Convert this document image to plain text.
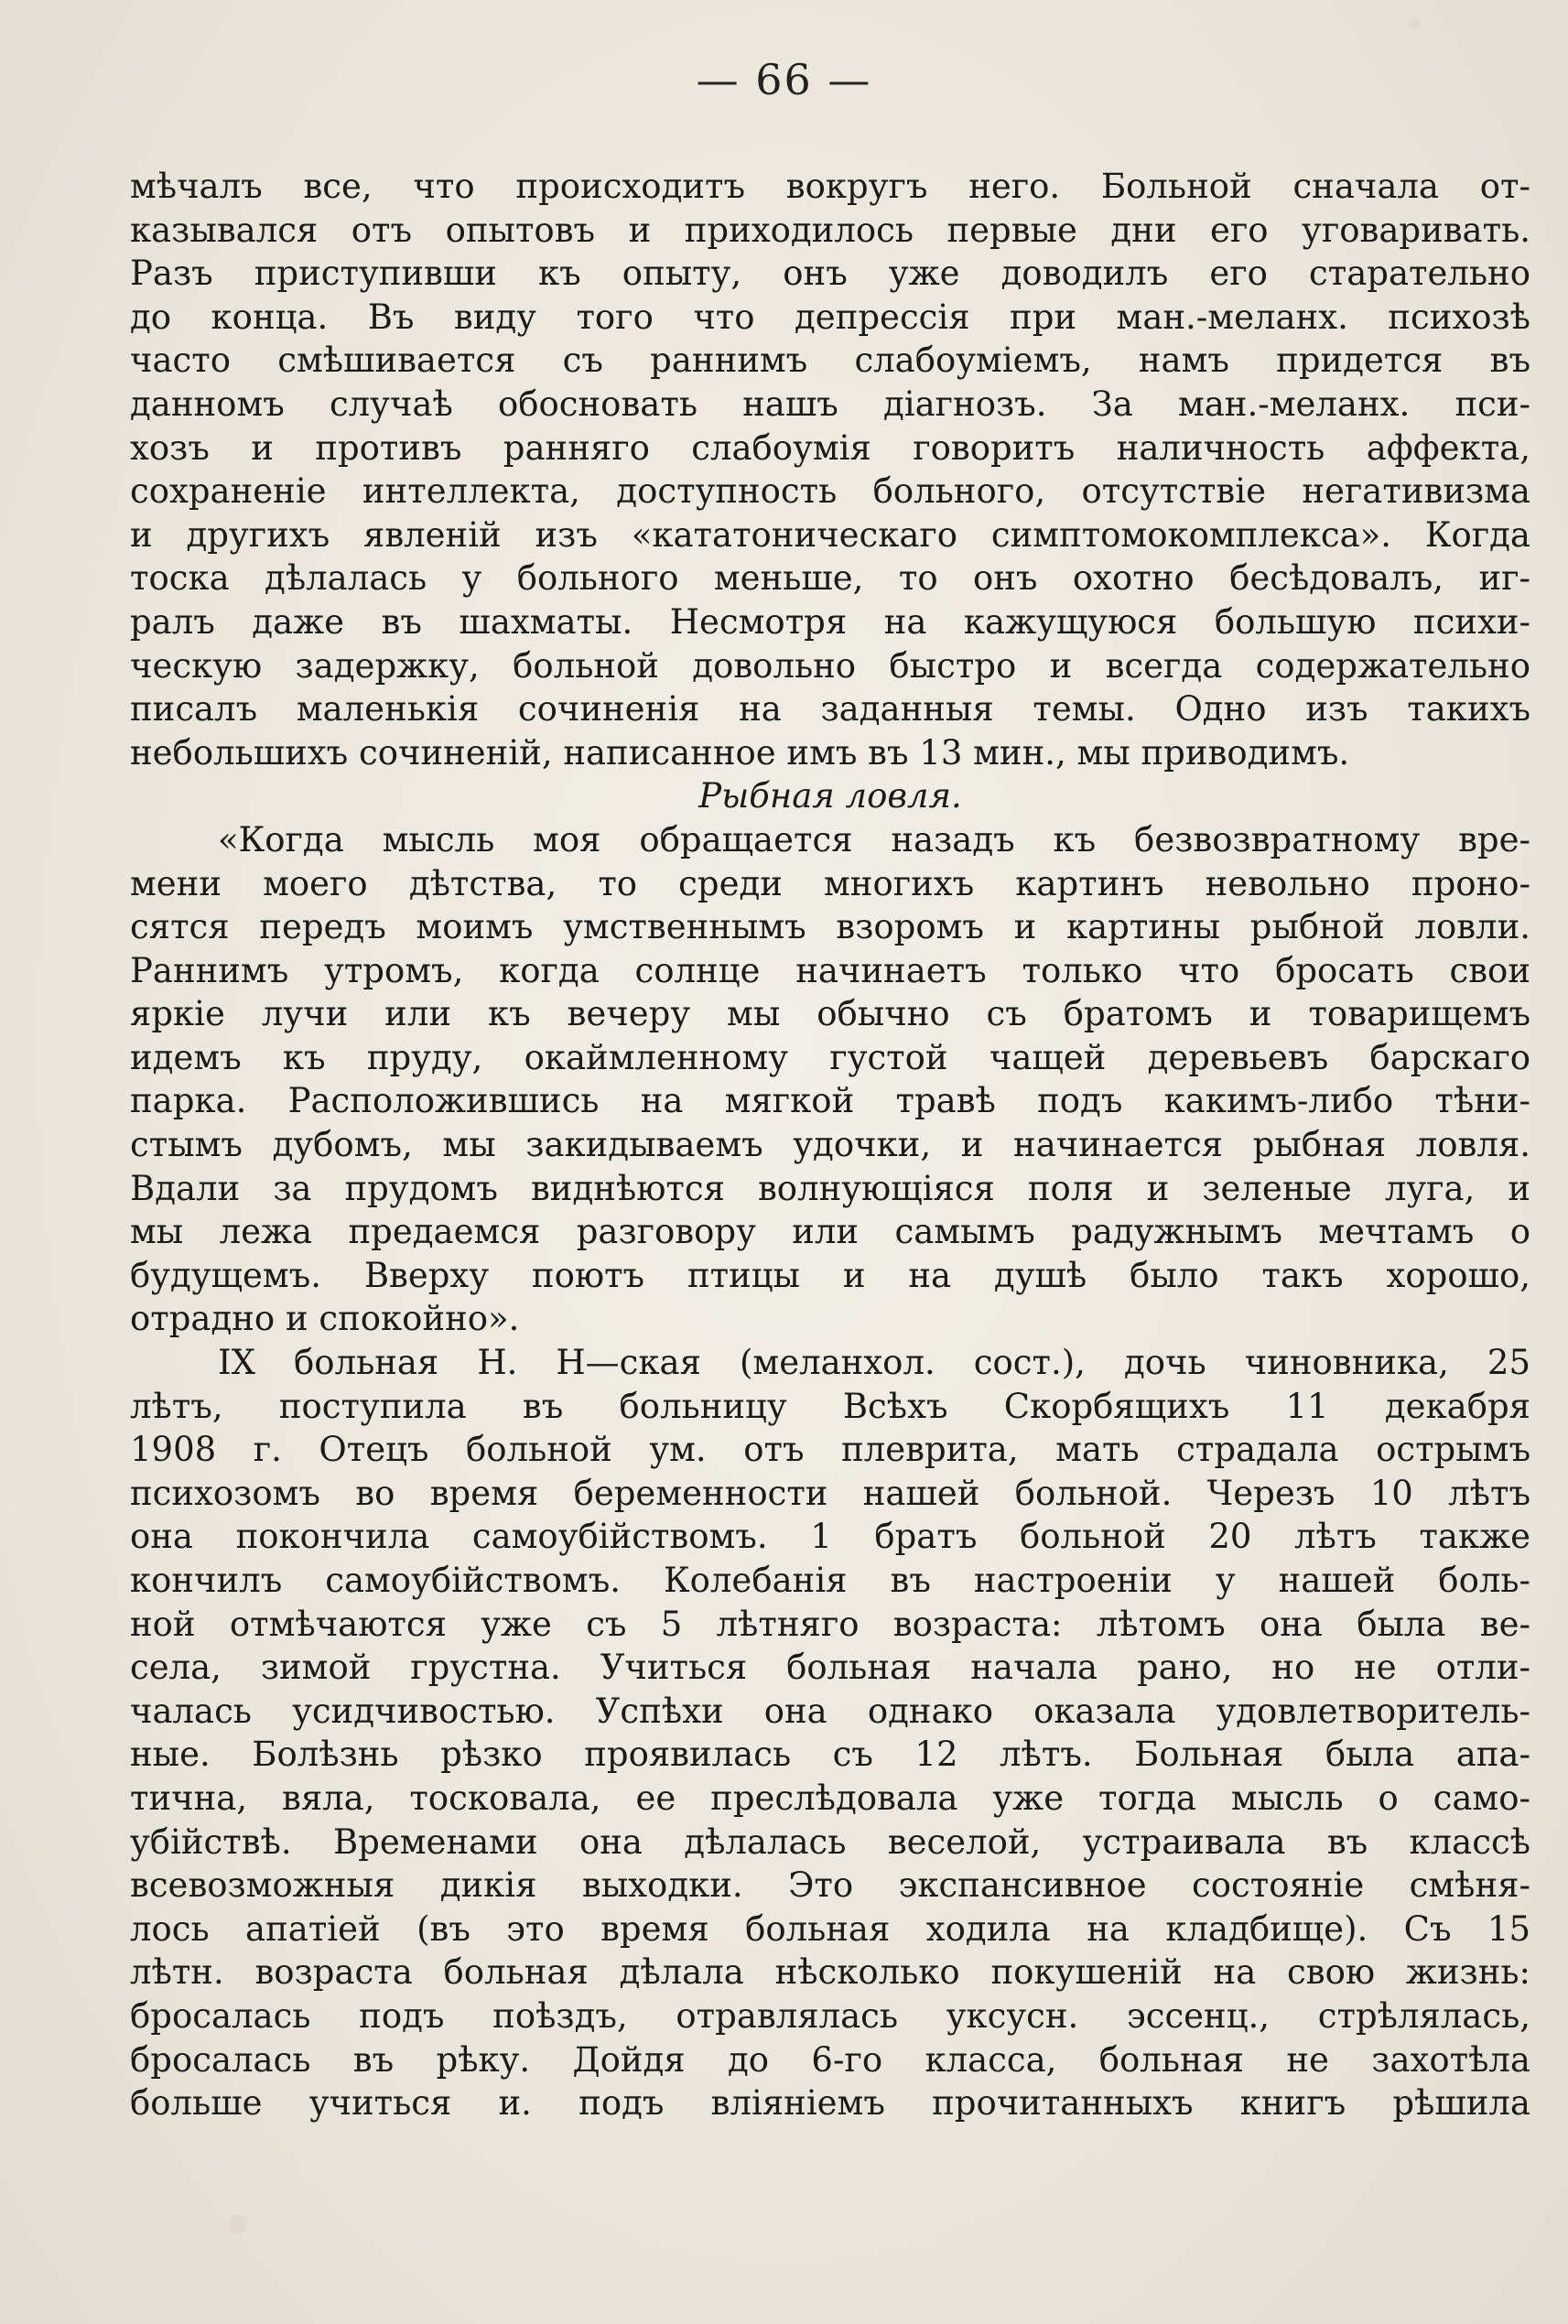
— 66 —
мѣчалъ все, что происходитъ вокругъ него. Больной сначала от-
казывался отъ опытовъ и приходилось первые дни его уговаривать.
Разъ приступивши къ опыту, онъ уже доводилъ его старательно
до конца. Въ виду того что депрессія при ман.-меланх. психозѣ
часто смѣшивается съ раннимъ слабоуміемъ, намъ придется въ
данномъ случаѣ обосновать нашъ діагнозъ. За ман.-меланх. пси-
хозъ и противъ ранняго слабоумія говоритъ наличность аффекта,
сохраненіе интеллекта, доступность больного, отсутствіе негативизма
и другихъ явленій изъ «кататоническаго симптомокомплекса». Когда
тоска дѣлалась у больного меньше, то онъ охотно бесѣдовалъ, иг-
ралъ даже въ шахматы. Несмотря на кажущуюся большую психи-
ческую задержку, больной довольно быстро и всегда содержательно
писалъ маленькія сочиненія на заданныя темы. Одно изъ такихъ
небольшихъ сочиненій, написанное имъ въ 13 мин., мы приводимъ.
Рыбная ловля.
«Когда мысль моя обращается назадъ къ безвозвратному вре-
мени моего дѣтства, то среди многихъ картинъ невольно проно-
сятся передъ моимъ умственнымъ взоромъ и картины рыбной ловли.
Раннимъ утромъ, когда солнце начинаетъ только что бросать свои
яркіе лучи или къ вечеру мы обычно съ братомъ и товарищемъ
идемъ къ пруду, окаймленному густой чащей деревьевъ барскаго
парка. Расположившись на мягкой травѣ подъ какимъ-либо тѣни-
стымъ дубомъ, мы закидываемъ удочки, и начинается рыбная ловля.
Вдали за прудомъ виднѣются волнующіяся поля и зеленые луга, и
мы лежа предаемся разговору или самымъ радужнымъ мечтамъ о
будущемъ. Вверху поютъ птицы и на душѣ было такъ хорошо,
отрадно и спокойно».
IX больная Н. Н—ская (меланхол. сост.), дочь чиновника, 25
лѣтъ, поступила въ больницу Всѣхъ Скорбящихъ 11 декабря
1908 г. Отецъ больной ум. отъ плеврита, мать страдала острымъ
психозомъ во время беременности нашей больной. Черезъ 10 лѣтъ
она покончила самоубійствомъ. 1 братъ больной 20 лѣтъ также
кончилъ самоубійствомъ. Колебанія въ настроеніи у нашей боль-
ной отмѣчаются уже съ 5 лѣтняго возраста: лѣтомъ она была ве-
села, зимой грустна. Учиться больная начала рано, но не отли-
чалась усидчивостью. Успѣхи она однако оказала удовлетворитель-
ные. Болѣзнь рѣзко проявилась съ 12 лѣтъ. Больная была апа-
тична, вяла, тосковала, ее преслѣдовала уже тогда мысль о само-
убійствѣ. Временами она дѣлалась веселой, устраивала въ классѣ
всевозможныя дикія выходки. Это экспансивное состояніе смѣня-
лось апатіей (въ это время больная ходила на кладбище). Съ 15
лѣтн. возраста больная дѣлала нѣсколько покушеній на свою жизнь:
бросалась подъ поѣздъ, отравлялась уксусн. эссенц., стрѣлялась,
бросалась въ рѣку. Дойдя до 6-го класса, больная не захотѣла
больше учиться и. подъ вліяніемъ прочитанныхъ книгъ рѣшила
